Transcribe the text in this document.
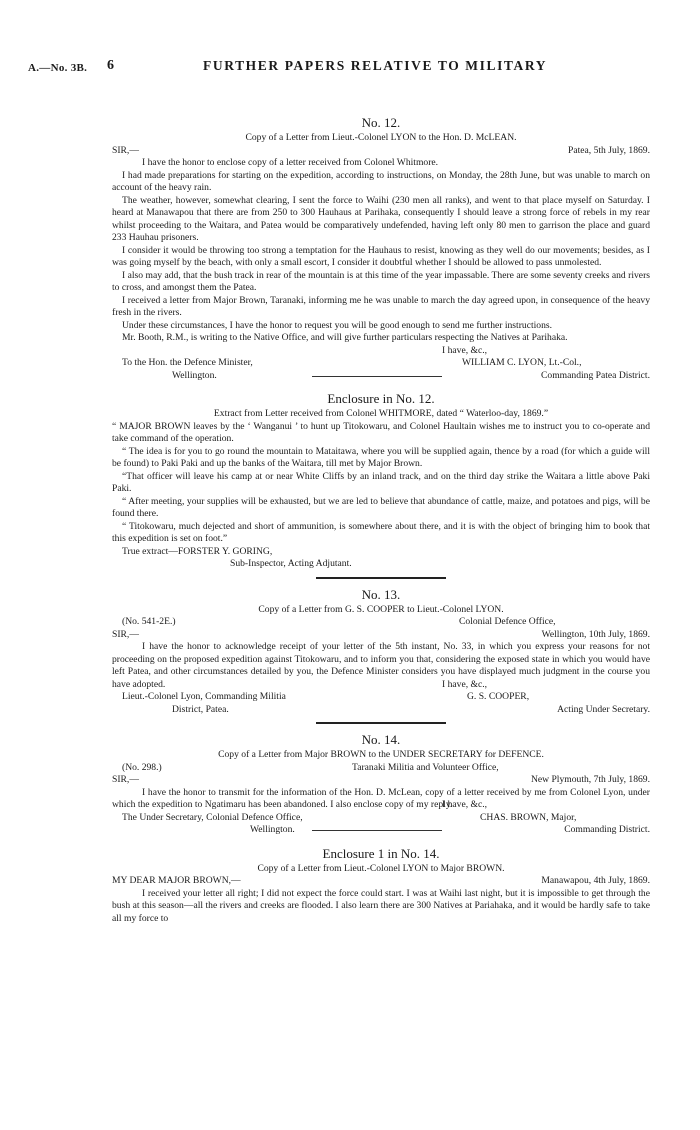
A.—No. 3B. 6	FURTHER PAPERS RELATIVE TO MILITARY
No. 12.
Copy of a Letter from Lieut.-Colonel LYON to the Hon. D. McLEAN.
SIR,—	Patea, 5th July, 1869.

I have the honor to enclose copy of a letter received from Colonel Whitmore.

I had made preparations for starting on the expedition, according to instructions, on Monday, the 28th June, but was unable to march on account of the heavy rain.

The weather, however, somewhat clearing, I sent the force to Waihi (230 men all ranks), and went to that place myself on Saturday. I heard at Manawapou that there are from 250 to 300 Hauhaus at Parihaka, consequently I should leave a strong force of rebels in my rear whilst proceeding to the Waitara, and Patea would be comparatively undefended, having left only 80 men to garrison the place and guard 233 Hauhau prisoners.

I consider it would be throwing too strong a temptation for the Hauhaus to resist, knowing as they well do our movements; besides, as I was going myself by the beach, with only a small escort, I consider it doubtful whether I should be allowed to pass unmolested.

I also may add, that the bush track in rear of the mountain is at this time of the year impassable. There are some seventy creeks and rivers to cross, and amongst them the Patea.

I received a letter from Major Brown, Taranaki, informing me he was unable to march the day agreed upon, in consequence of the heavy fresh in the rivers.

Under these circumstances, I have the honor to request you will be good enough to send me further instructions.

Mr. Booth, R.M., is writing to the Native Office, and will give further particulars respecting the Natives at Parihaka.

I have, &c.,
To the Hon. the Defence Minister,	WILLIAM C. LYON, Lt.-Col.,
Wellington.	Commanding Patea District.
Enclosure in No. 12.
Extract from Letter received from Colonel WHITMORE, dated “ Waterloo-day, 1869.”

“ MAJOR BROWN leaves by the ‘ Wanganui ’ to hunt up Titokowaru, and Colonel Haultain wishes me to instruct you to co-operate and take command of the operation.

“ The idea is for you to go round the mountain to Mataitawa, where you will be supplied again, thence by a road (for which a guide will be found) to Paki Paki and up the banks of the Waitara, till met by Major Brown.

“That officer will leave his camp at or near White Cliffs by an inland track, and on the third day strike the Waitara a little above Paki Paki.

“ After meeting, your supplies will be exhausted, but we are led to believe that abundance of cattle, maize, and potatoes and pigs, will be found there.

“ Titokowaru, much dejected and short of ammunition, is somewhere about there, and it is with the object of bringing him to book that this expedition is set on foot.”

True extract—FORSTER Y. GORING,
Sub-Inspector, Acting Adjutant.
No. 13.
Copy of a Letter from G. S. COOPER to Lieut.-Colonel LYON.
(No. 541-2E.)	Colonial Defence Office,
SIR,—	Wellington, 10th July, 1869.

I have the honor to acknowledge receipt of your letter of the 5th instant, No. 33, in which you express your reasons for not proceeding on the proposed expedition against Titokowaru, and to inform you that, considering the exposed state in which you would have left Patea, and other circumstances detailed by you, the Defence Minister considers you have displayed much judgment in the course you have adopted.	I have, &c.,
Lieut.-Colonel Lyon, Commanding Militia	G. S. COOPER,
District, Patea.	Acting Under Secretary.
No. 14.
Copy of a Letter from Major BROWN to the UNDER SECRETARY for DEFENCE.
(No. 298.)	Taranaki Militia and Volunteer Office,
SIR,—	New Plymouth, 7th July, 1869.

I have the honor to transmit for the information of the Hon. D. McLean, copy of a letter received by me from Colonel Lyon, under which the expedition to Ngatimaru has been abandoned. I also enclose copy of my reply.

I have, &c.,
The Under Secretary, Colonial Defence Office,	CHAS. BROWN, Major,
Wellington.	Commanding District.
Enclosure 1 in No. 14.
Copy of a Letter from Lieut.-Colonel LYON to Major BROWN.
MY DEAR MAJOR BROWN,—	Manawapou, 4th July, 1869.

I received your letter all right; I did not expect the force could start. I was at Waihi last night, but it is impossible to get through the bush at this season—all the rivers and creeks are flooded. I also learn there are 300 Natives at Pariahaka, and it would be hardly safe to take all my force to
